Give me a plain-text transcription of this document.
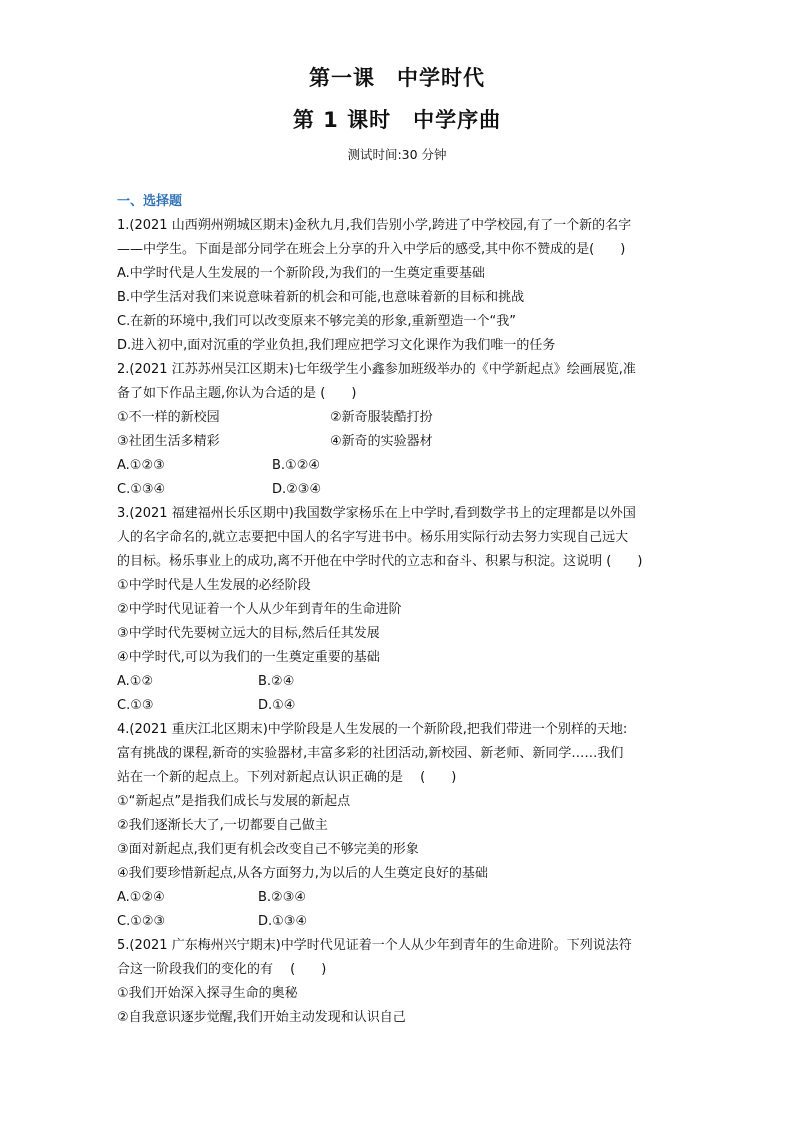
第一课　中学时代
第 1 课时　中学序曲
测试时间:30 分钟
一、选择题
1.(2021 山西朔州朔城区期末)金秋九月,我们告别小学,跨进了中学校园,有了一个新的名字
——中学生。下面是部分同学在班会上分享的升入中学后的感受,其中你不赞成的是(　　)
A.中学时代是人生发展的一个新阶段,为我们的一生奠定重要基础
B.中学生活对我们来说意味着新的机会和可能,也意味着新的目标和挑战
C.在新的环境中,我们可以改变原来不够完美的形象,重新塑造一个“我”
D.进入初中,面对沉重的学业负担,我们理应把学习文化课作为我们唯一的任务
2.(2021 江苏苏州吴江区期末)七年级学生小鑫参加班级举办的《中学新起点》绘画展览,准
备了如下作品主题,你认为合适的是 (　　)
①不一样的新校园	②新奇服装酷打扮
③社团生活多精彩	④新奇的实验器材
A.①②③	B.①②④
C.①③④	D.②③④
3.(2021 福建福州长乐区期中)我国数学家杨乐在上中学时,看到数学书上的定理都是以外国
人的名字命名的,就立志要把中国人的名字写进书中。杨乐用实际行动去努力实现自己远大
的目标。杨乐事业上的成功,离不开他在中学时代的立志和奋斗、积累与积淀。这说明 (　　)
①中学时代是人生发展的必经阶段
②中学时代见证着一个人从少年到青年的生命进阶
③中学时代先要树立远大的目标,然后任其发展
④中学时代,可以为我们的一生奠定重要的基础
A.①②	B.②④
C.①③	D.①④
4.(2021 重庆江北区期末)中学阶段是人生发展的一个新阶段,把我们带进一个别样的天地:
富有挑战的课程,新奇的实验器材,丰富多彩的社团活动,新校园、新老师、新同学……我们
站在一个新的起点上。下列对新起点认识正确的是　 (　　)
①“新起点”是指我们成长与发展的新起点
②我们逐渐长大了,一切都要自己做主
③面对新起点,我们更有机会改变自己不够完美的形象
④我们要珍惜新起点,从各方面努力,为以后的人生奠定良好的基础
A.①②④	B.②③④
C.①②③	D.①③④
5.(2021 广东梅州兴宁期末)中学时代见证着一个人从少年到青年的生命进阶。下列说法符
合这一阶段我们的变化的有　 (　　)
①我们开始深入探寻生命的奥秘
②自我意识逐步觉醒,我们开始主动发现和认识自己
